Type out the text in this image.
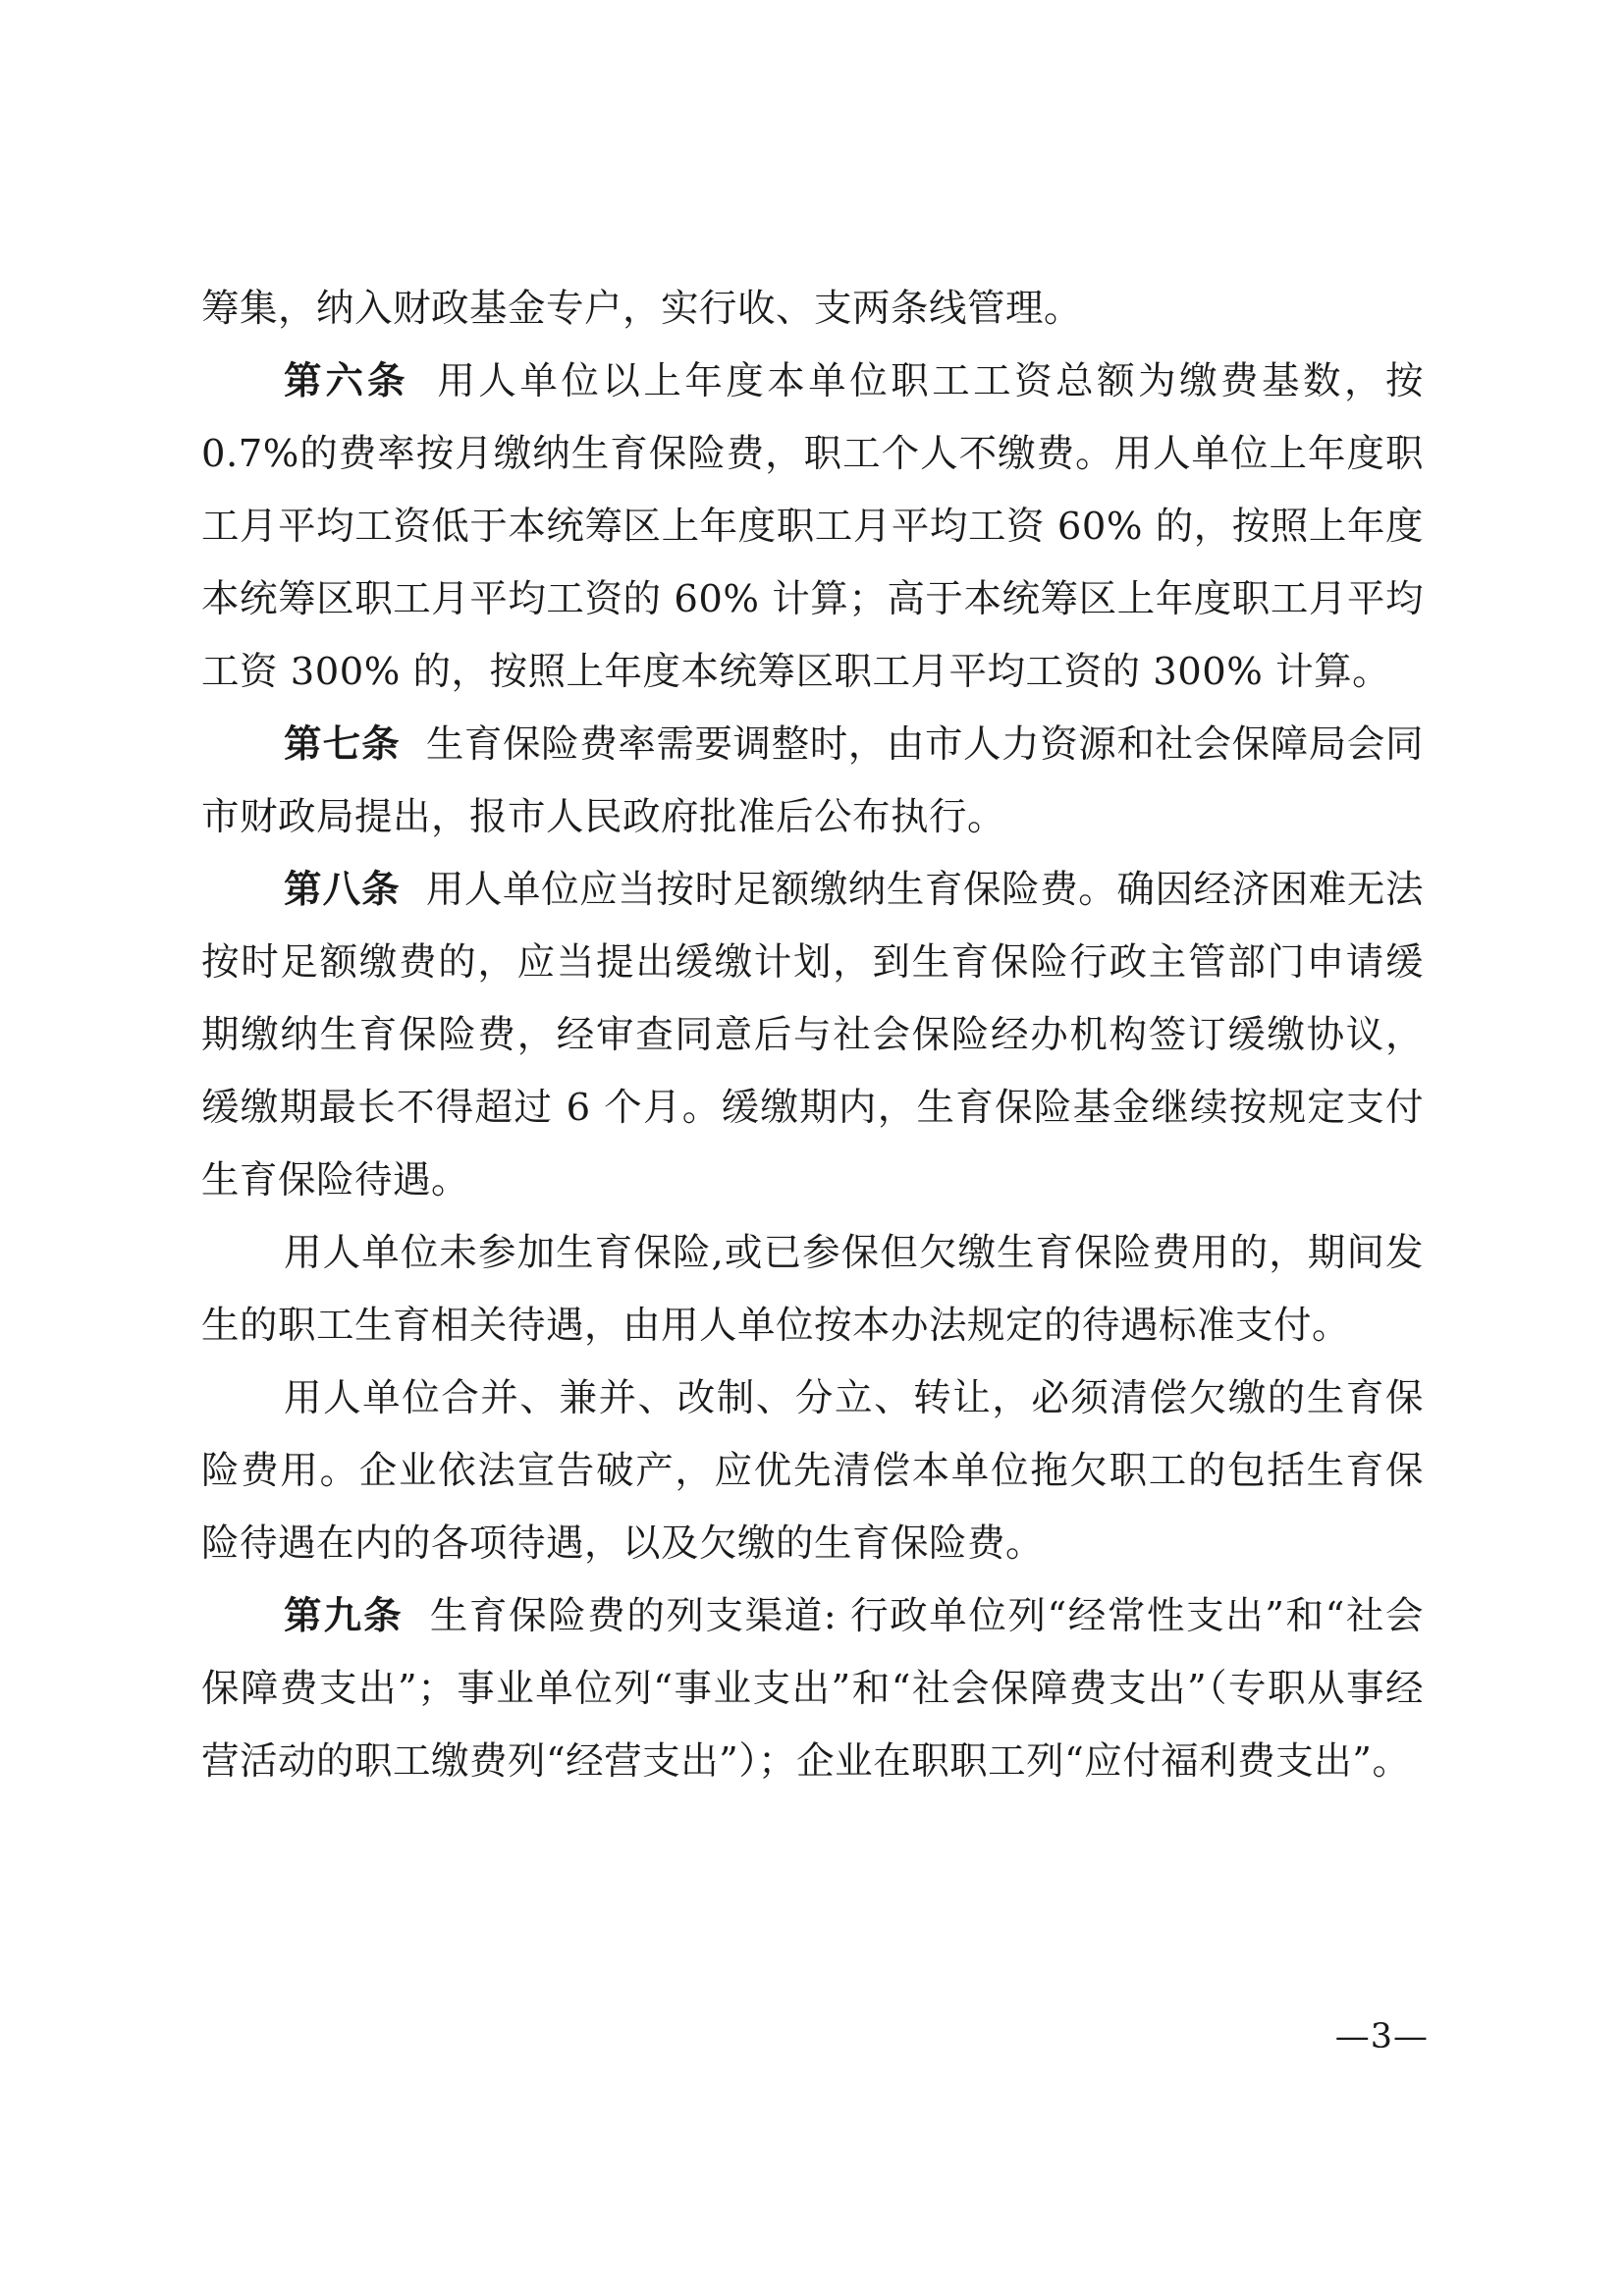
筹集，纳入财政基金专户，实行收、支两条线管理。

第六条 用人单位以上年度本单位职工工资总额为缴费基数，按 0.7%的费率按月缴纳生育保险费，职工个人不缴费。用人单位上年度职工月平均工资低于本统筹区上年度职工月平均工资 60% 的，按照上年度本统筹区职工月平均工资的 60% 计算；高于本统筹区上年度职工月平均工资 300% 的，按照上年度本统筹区职工月平均工资的 300% 计算。

第七条 生育保险费率需要调整时，由市人力资源和社会保障局会同市财政局提出，报市人民政府批准后公布执行。

第八条 用人单位应当按时足额缴纳生育保险费。确因经济困难无法按时足额缴费的，应当提出缓缴计划，到生育保险行政主管部门申请缓期缴纳生育保险费，经审查同意后与社会保险经办机构签订缓缴协议，缓缴期最长不得超过 6 个月。缓缴期内，生育保险基金继续按规定支付生育保险待遇。

用人单位未参加生育保险,或已参保但欠缴生育保险费用的，期间发生的职工生育相关待遇，由用人单位按本办法规定的待遇标准支付。

用人单位合并、兼并、改制、分立、转让，必须清偿欠缴的生育保险费用。企业依法宣告破产，应优先清偿本单位拖欠职工的包括生育保险待遇在内的各项待遇，以及欠缴的生育保险费。

第九条 生育保险费的列支渠道: 行政单位列“经常性支出”和“社会保障费支出”；事业单位列“事业支出”和“社会保障费支出”（专职从事经营活动的职工缴费列“经营支出”）；企业在职职工列“应付福利费支出”。

—3—
